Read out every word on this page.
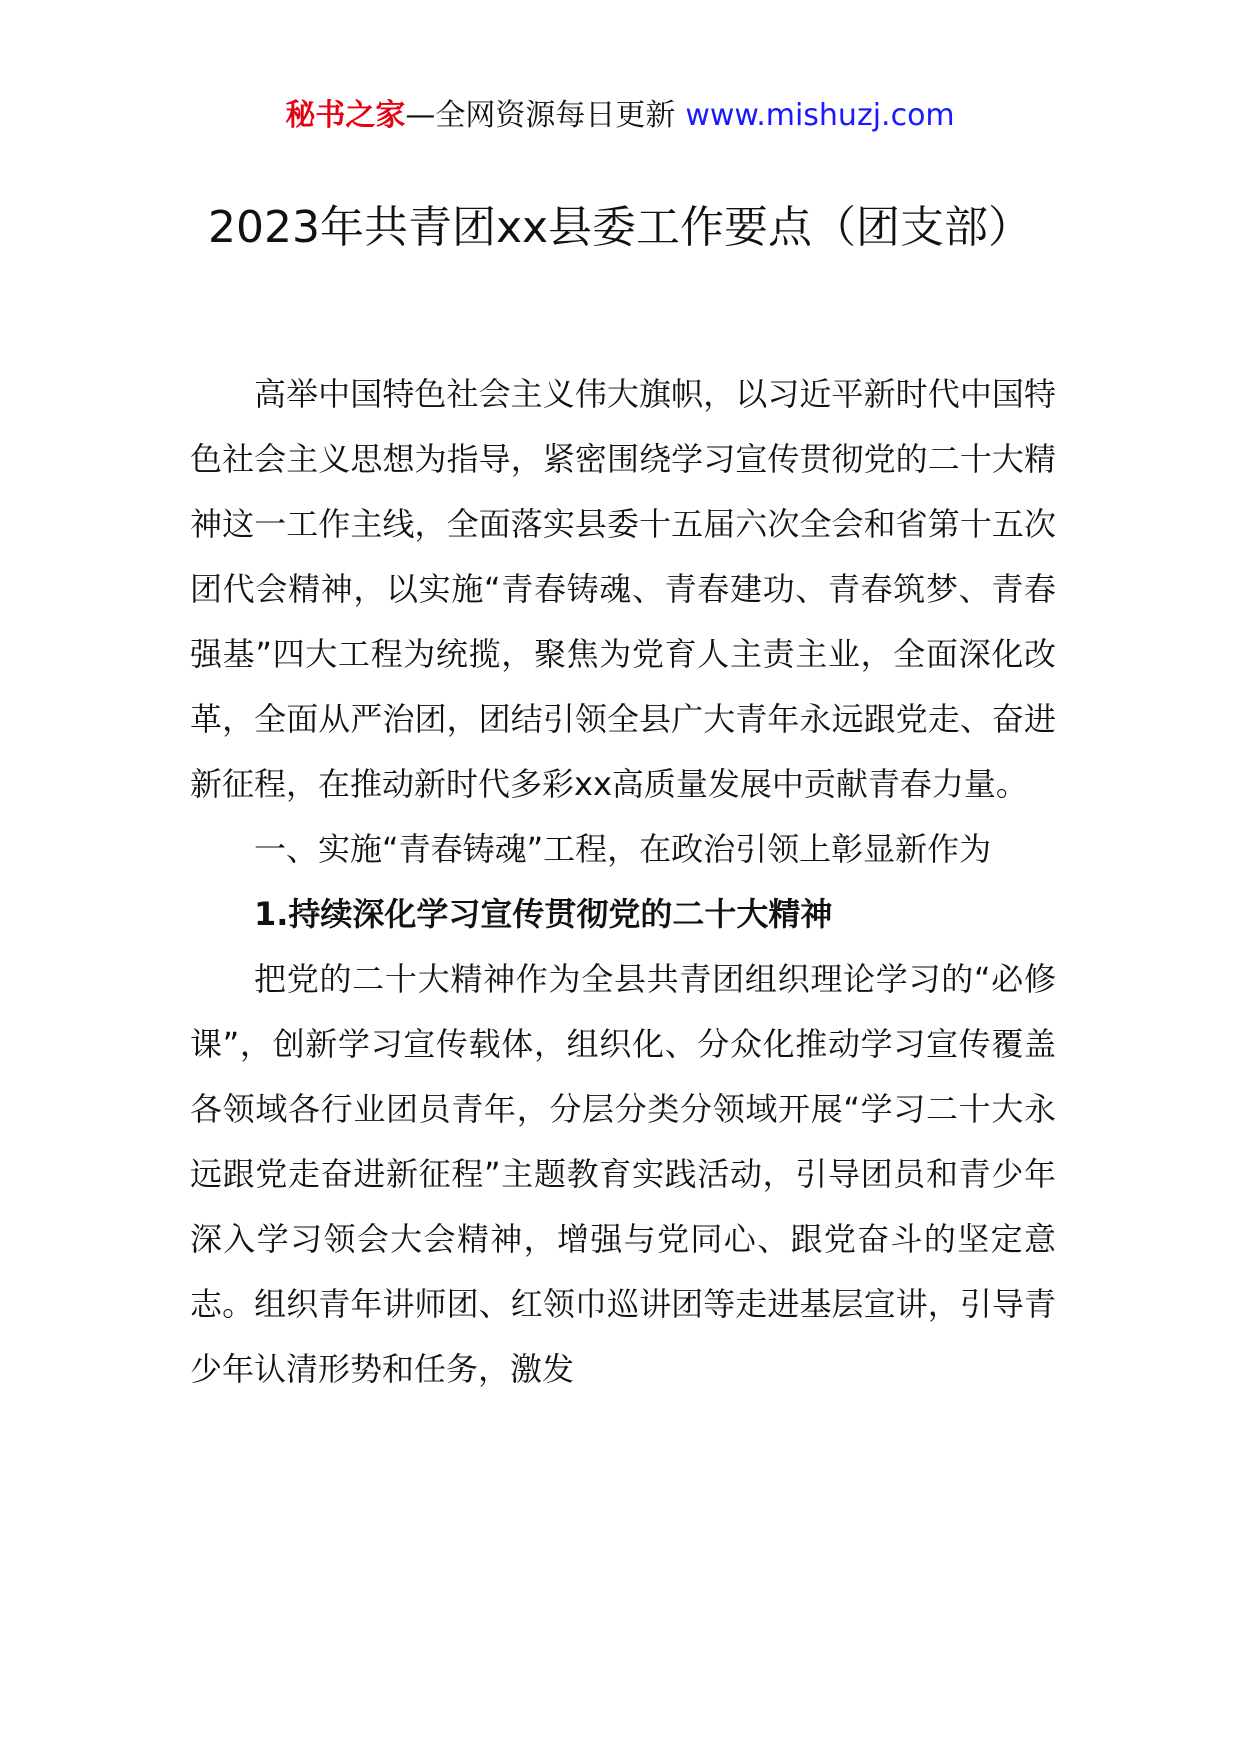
秘书之家—全网资源每日更新 www.mishuzj.com
2023年共青团xx县委工作要点（团支部）

高举中国特色社会主义伟大旗帜，以习近平新时代中国特色社会主义思想为指导，紧密围绕学习宣传贯彻党的二十大精神这一工作主线，全面落实县委十五届六次全会和省第十五次团代会精神，以实施“青春铸魂、青春建功、青春筑梦、青春强基”四大工程为统揽，聚焦为党育人主责主业，全面深化改革，全面从严治团，团结引领全县广大青年永远跟党走、奋进新征程，在推动新时代多彩xx高质量发展中贡献青春力量。

一、实施“青春铸魂”工程，在政治引领上彰显新作为

1.持续深化学习宣传贯彻党的二十大精神

把党的二十大精神作为全县共青团组织理论学习的“必修课”，创新学习宣传载体，组织化、分众化推动学习宣传覆盖各领域各行业团员青年，分层分类分领域开展“学习二十大永远跟党走奋进新征程”主题教育实践活动，引导团员和青少年深入学习领会大会精神，增强与党同心、跟党奋斗的坚定意志。组织青年讲师团、红领巾巡讲团等走进基层宣讲，引导青少年认清形势和任务，激发
